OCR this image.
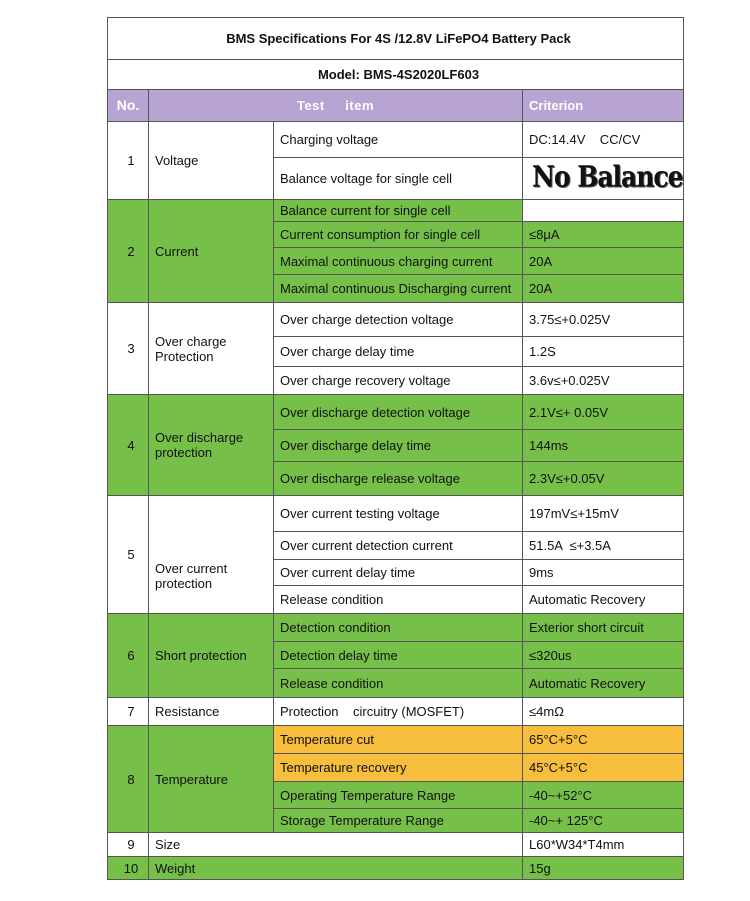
BMS Specifications For 4S /12.8V LiFePO4 Battery Pack			
Model: BMS-4S2020LF603			
No.	Test     item		Criterion
1	Voltage	Charging voltage	DC:14.4V    CC/CV
		Balance voltage for single cell	No Balance
2	Current	Balance current for single cell	
		Current consumption for single cell	≤8μA
		Maximal continuous charging current	20A
		Maximal continuous Discharging current	20A
3	Over charge Protection	Over charge detection voltage	3.75≤+0.025V
		Over charge delay time	1.2S
		Over charge recovery voltage	3.6v≤+0.025V
4	Over discharge protection	Over discharge detection voltage	2.1V≤+ 0.05V
		Over discharge delay time	144ms
		Over discharge release voltage	2.3V≤+0.05V
5	Over current protection	Over current testing voltage	197mV≤+15mV
		Over current detection current	51.5A  ≤+3.5A
		Over current delay time	9ms
		Release condition	Automatic Recovery
6	Short protection	Detection condition	Exterior short circuit
		Detection delay time	≤320us
		Release condition	Automatic Recovery
7	Resistance	Protection    circuitry (MOSFET)	≤4mΩ
8	Temperature	Temperature cut	65°C+5°C
		Temperature recovery	45°C+5°C
		Operating Temperature Range	-40~+52°C
		Storage Temperature Range	-40~+ 125°C
9	Size		L60*W34*T4mm
10	Weight		15g
